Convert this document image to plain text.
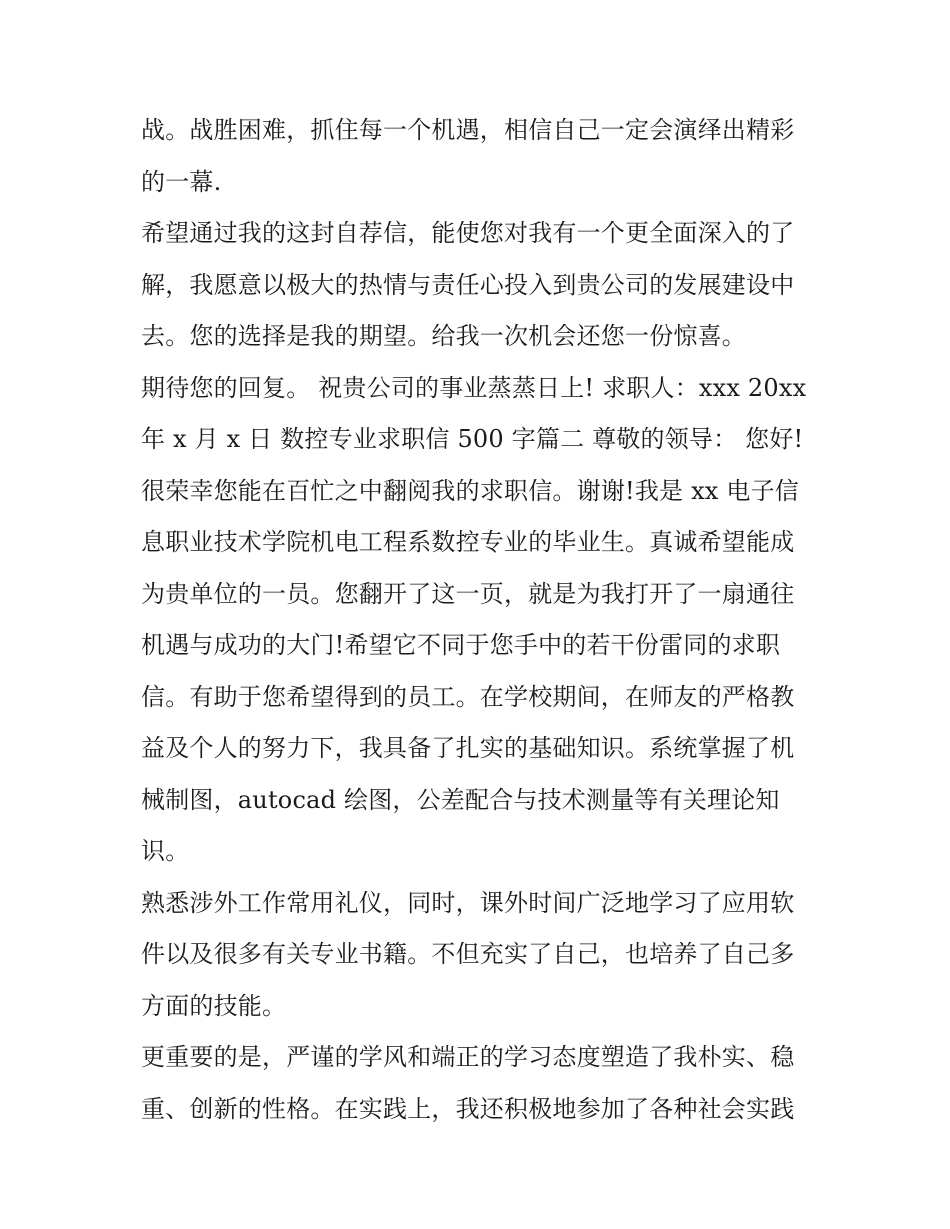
战。战胜困难，抓住每一个机遇，相信自己一定会演绎出精彩
的一幕.
希望通过我的这封自荐信，能使您对我有一个更全面深入的了
解，我愿意以极大的热情与责任心投入到贵公司的发展建设中
去。您的选择是我的期望。给我一次机会还您一份惊喜。
期待您的回复。 祝贵公司的事业蒸蒸日上! 求职人：xxx 20xx
年 x 月 x 日 数控专业求职信 500 字篇二 尊敬的领导： 您好!
很荣幸您能在百忙之中翻阅我的求职信。谢谢!我是 xx 电子信
息职业技术学院机电工程系数控专业的毕业生。真诚希望能成
为贵单位的一员。您翻开了这一页，就是为我打开了一扇通往
机遇与成功的大门!希望它不同于您手中的若干份雷同的求职
信。有助于您希望得到的员工。在学校期间，在师友的严格教
益及个人的努力下，我具备了扎实的基础知识。系统掌握了机
械制图，autocad 绘图，公差配合与技术测量等有关理论知
识。
熟悉涉外工作常用礼仪，同时，课外时间广泛地学习了应用软
件以及很多有关专业书籍。不但充实了自己，也培养了自己多
方面的技能。
更重要的是，严谨的学风和端正的学习态度塑造了我朴实、稳
重、创新的性格。在实践上，我还积极地参加了各种社会实践
